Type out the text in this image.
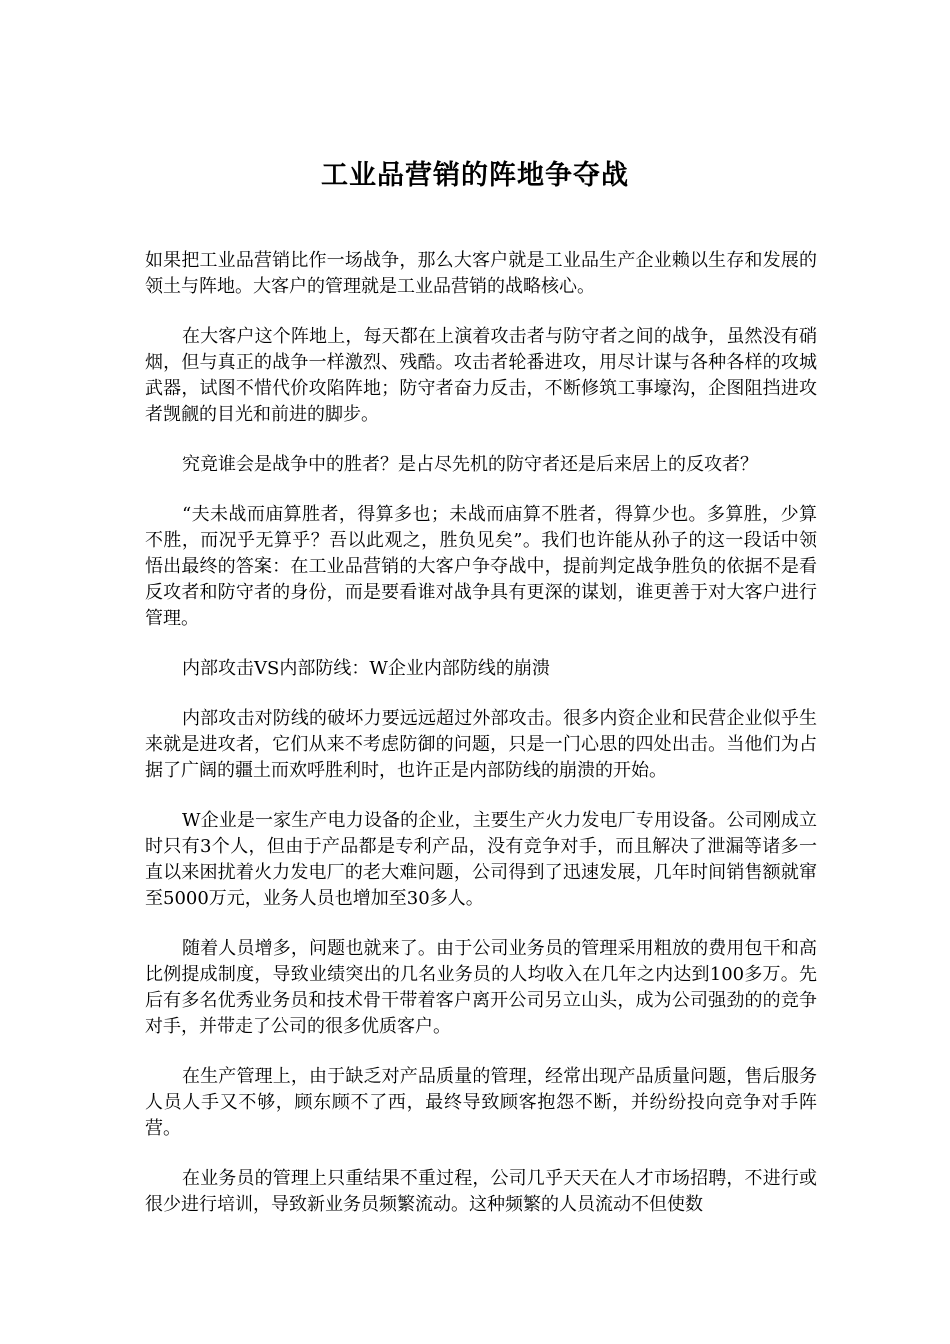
工业品营销的阵地争夺战

如果把工业品营销比作一场战争，那么大客户就是工业品生产企业赖以生存和发展的领土与阵地。大客户的管理就是工业品营销的战略核心。

在大客户这个阵地上，每天都在上演着攻击者与防守者之间的战争，虽然没有硝烟，但与真正的战争一样激烈、残酷。攻击者轮番进攻，用尽计谋与各种各样的攻城武器，试图不惜代价攻陷阵地；防守者奋力反击，不断修筑工事壕沟，企图阻挡进攻者觊觎的目光和前进的脚步。

究竟谁会是战争中的胜者？是占尽先机的防守者还是后来居上的反攻者？

“夫未战而庙算胜者，得算多也；未战而庙算不胜者，得算少也。多算胜，少算不胜，而况乎无算乎？吾以此观之，胜负见矣”。我们也许能从孙子的这一段话中领悟出最终的答案：在工业品营销的大客户争夺战中，提前判定战争胜负的依据不是看反攻者和防守者的身份，而是要看谁对战争具有更深的谋划，谁更善于对大客户进行管理。

内部攻击VS内部防线：W企业内部防线的崩溃

内部攻击对防线的破坏力要远远超过外部攻击。很多内资企业和民营企业似乎生来就是进攻者，它们从来不考虑防御的问题，只是一门心思的四处出击。当他们为占据了广阔的疆土而欢呼胜利时，也许正是内部防线的崩溃的开始。

W企业是一家生产电力设备的企业，主要生产火力发电厂专用设备。公司刚成立时只有3个人，但由于产品都是专利产品，没有竞争对手，而且解决了泄漏等诸多一直以来困扰着火力发电厂的老大难问题，公司得到了迅速发展，几年时间销售额就窜至5000万元，业务人员也增加至30多人。

随着人员增多，问题也就来了。由于公司业务员的管理采用粗放的费用包干和高比例提成制度，导致业绩突出的几名业务员的人均收入在几年之内达到100多万。先后有多名优秀业务员和技术骨干带着客户离开公司另立山头，成为公司强劲的的竞争对手，并带走了公司的很多优质客户。

在生产管理上，由于缺乏对产品质量的管理，经常出现产品质量问题，售后服务人员人手又不够，顾东顾不了西，最终导致顾客抱怨不断，并纷纷投向竞争对手阵营。

在业务员的管理上只重结果不重过程，公司几乎天天在人才市场招聘，不进行或很少进行培训，导致新业务员频繁流动。这种频繁的人员流动不但使数
